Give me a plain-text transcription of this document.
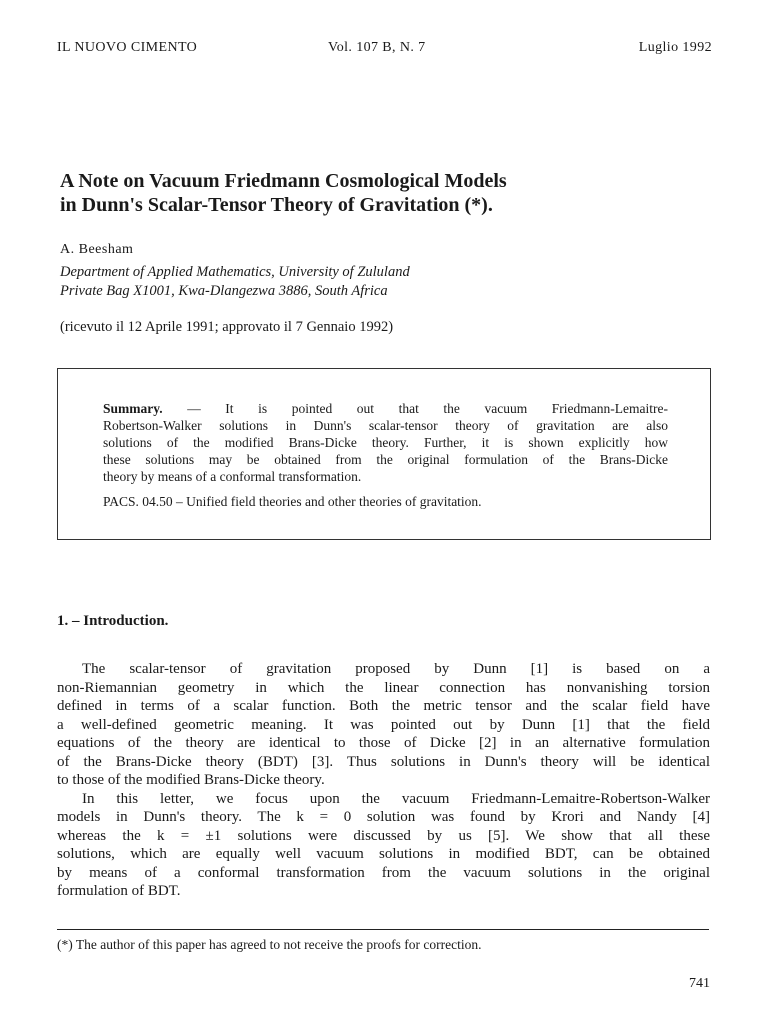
IL NUOVO CIMENTO	Vol. 107 B, N. 7	Luglio 1992
A Note on Vacuum Friedmann Cosmological Models
in Dunn's Scalar-Tensor Theory of Gravitation (*).
A. Beesham
Department of Applied Mathematics, University of Zululand
Private Bag X1001, Kwa-Dlangezwa 3886, South Africa
(ricevuto il 12 Aprile 1991; approvato il 7 Gennaio 1992)
Summary. — It is pointed out that the vacuum Friedmann-Lemaitre-
Robertson-Walker solutions in Dunn's scalar-tensor theory of gravitation are also
solutions of the modified Brans-Dicke theory. Further, it is shown explicitly how
these solutions may be obtained from the original formulation of the Brans-Dicke
theory by means of a conformal transformation.
PACS. 04.50 – Unified field theories and other theories of gravitation.
1. – Introduction.
The scalar-tensor of gravitation proposed by Dunn [1] is based on a
non-Riemannian geometry in which the linear connection has nonvanishing torsion
defined in terms of a scalar function. Both the metric tensor and the scalar field have
a well-defined geometric meaning. It was pointed out by Dunn [1] that the field
equations of the theory are identical to those of Dicke [2] in an alternative formulation
of the Brans-Dicke theory (BDT) [3]. Thus solutions in Dunn's theory will be identical
to those of the modified Brans-Dicke theory.
In this letter, we focus upon the vacuum Friedmann-Lemaitre-Robertson-Walker
models in Dunn's theory. The k = 0 solution was found by Krori and Nandy [4]
whereas the k = ±1 solutions were discussed by us [5]. We show that all these
solutions, which are equally well vacuum solutions in modified BDT, can be obtained
by means of a conformal transformation from the vacuum solutions in the original
formulation of BDT.
(*) The author of this paper has agreed to not receive the proofs for correction.
741
